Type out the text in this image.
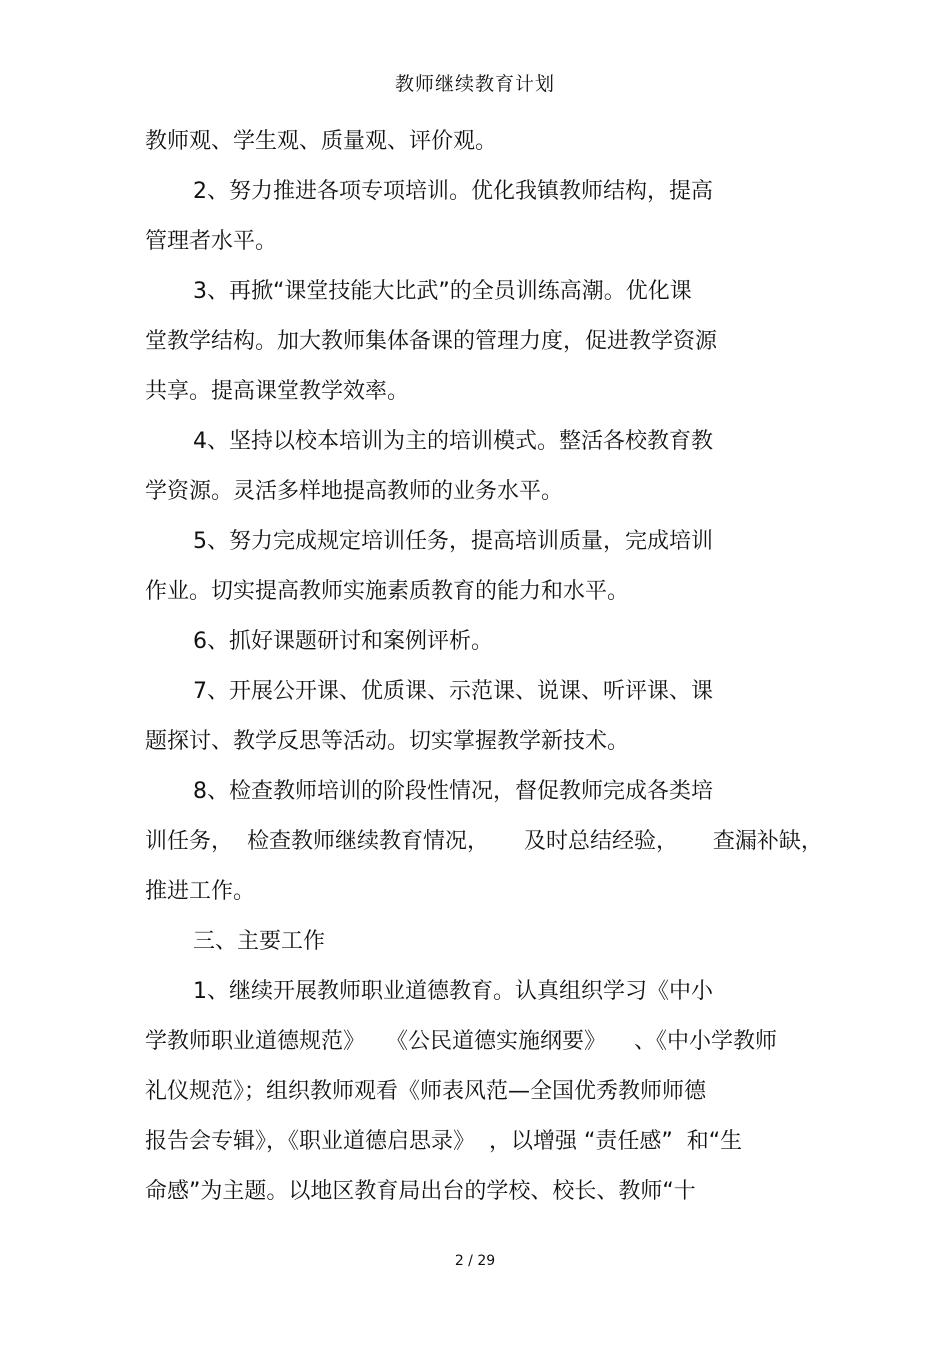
教师继续教育计划
教师观、学生观、质量观、评价观。
2、努力推进各项专项培训。优化我镇教师结构，提高
管理者水平。
3、再掀“课堂技能大比武”的全员训练高潮。优化课
堂教学结构。加大教师集体备课的管理力度，促进教学资源
共享。提高课堂教学效率。
4、坚持以校本培训为主的培训模式。整活各校教育教
学资源。灵活多样地提高教师的业务水平。
5、努力完成规定培训任务，提高培训质量，完成培训
作业。切实提高教师实施素质教育的能力和水平。
6、抓好课题研讨和案例评析。
7、开展公开课、优质课、示范课、说课、听评课、课
题探讨、教学反思等活动。切实掌握教学新技术。
8、检查教师培训的阶段性情况，督促教师完成各类培
训任务，  检查教师继续教育情况，     及时总结经验，     查漏补缺，
推进工作。
三、主要工作
1、继续开展教师职业道德教育。认真组织学习《中小
学教师职业道德规范》   《公民道德实施纲要》    、《中小学教师
礼仪规范》；组织教师观看《师表风范—全国优秀教师师德
报告会专辑》，《职业道德启思录》  ，以增强 “责任感”  和“生
命感”为主题。以地区教育局出台的学校、校长、教师“十
2 / 29
